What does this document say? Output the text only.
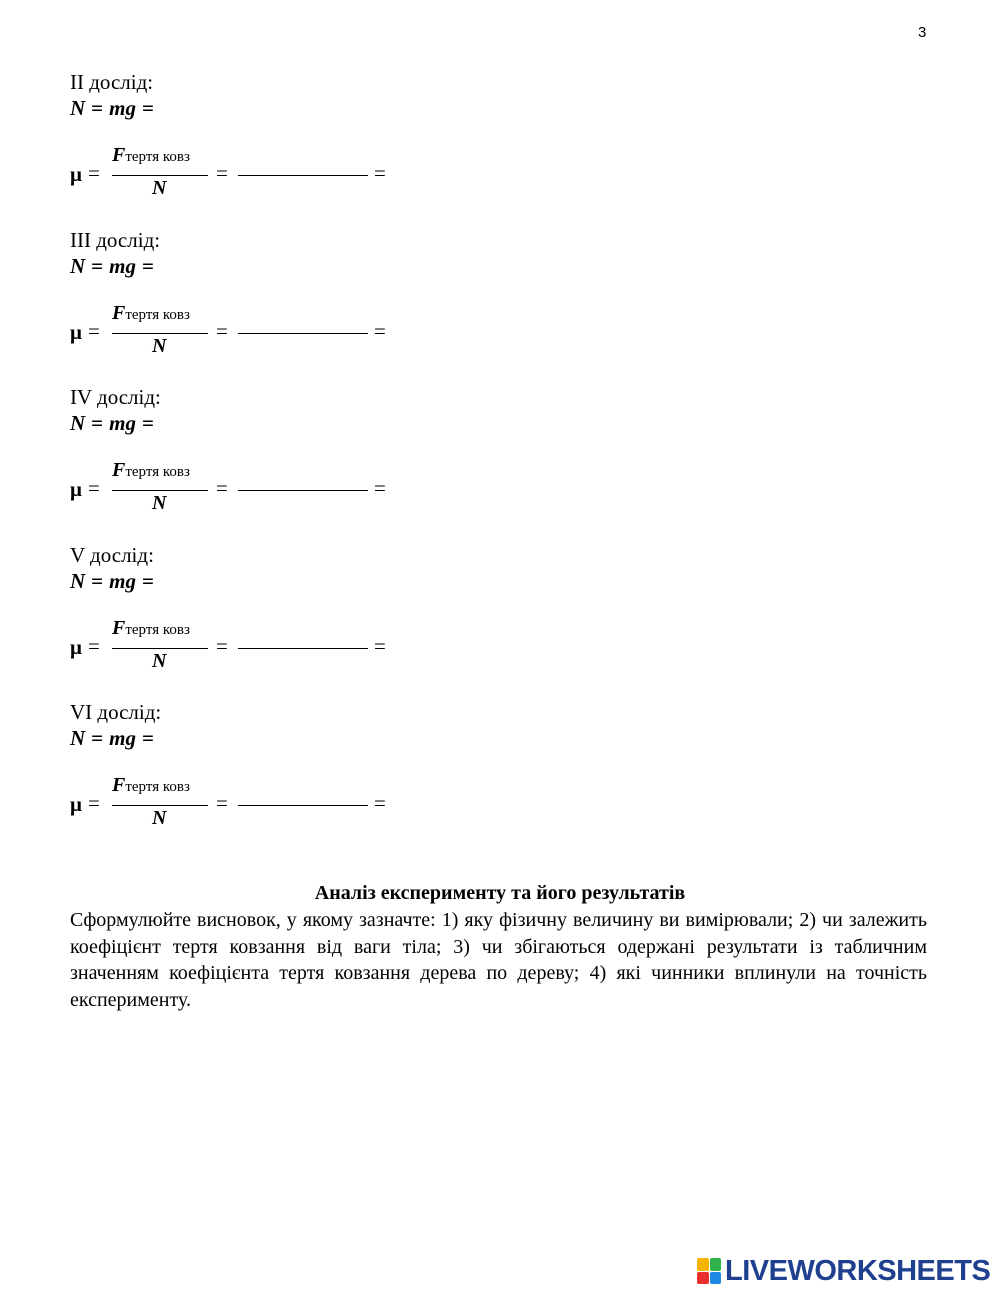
3
II дослід:
N = mg =
μ =
Fтертя ковз
N
=	=
III дослід:
N = mg =
μ =
Fтертя ковз
N
=	=
IV дослід:
N = mg =
μ =
Fтертя ковз
N
=	=
V дослід:
N = mg =
μ =
Fтертя ковз
N
=	=
VI дослід:
N = mg =
μ =
Fтертя ковз
N
=	=
Аналіз експерименту та його результатів
Сформулюйте висновок, у якому зазначте: 1) яку фізичну величину ви вимірювали; 2) чи залежить коефіцієнт тертя ковзання від ваги тіла; 3) чи збігаються одержані результати із табличним значенням коефіцієнта тертя ковзання дерева по дереву; 4) які чинники вплинули на точність експерименту.
LIVEWORKSHEETS
